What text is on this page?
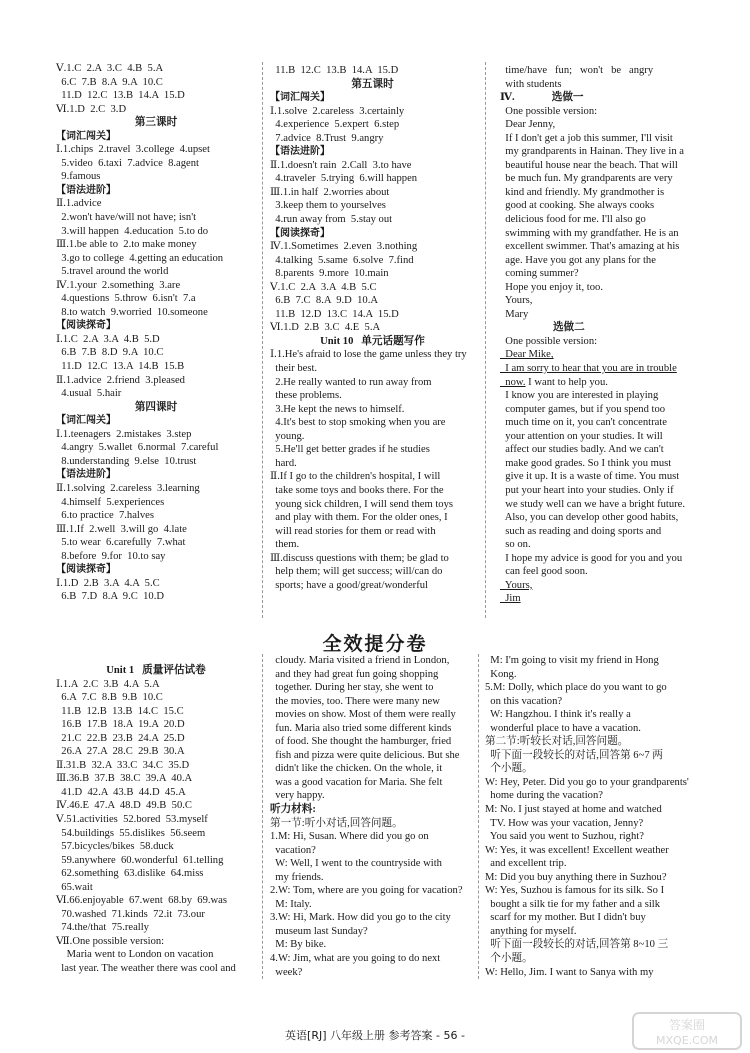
Ⅴ.1.C  2.A  3.C  4.B  5.A
6.C  7.B  8.A  9.A  10.C
11.D  12.C  13.B  14.A  15.D
Ⅵ.1.D  2.C  3.D
第三课时
【词汇闯关】
Ⅰ.1.chips  2.travel  3.college  4.upset
5.video  6.taxi  7.advice  8.agent
9.famous
【语法进阶】
Ⅱ.1.advice
2.won't have/will not have; isn't
3.will happen  4.education  5.to do
Ⅲ.1.be able to  2.to make money
3.go to college  4.getting an education
5.travel around the world
Ⅳ.1.your  2.something  3.are
4.questions  5.throw  6.isn't  7.a
8.to watch  9.worried  10.someone
【阅读探奇】
Ⅰ.1.C  2.A  3.A  4.B  5.D
6.B  7.B  8.D  9.A  10.C
11.D  12.C  13.A  14.B  15.B
Ⅱ.1.advice  2.friend  3.pleased
4.usual  5.hair
第四课时
【词汇闯关】
Ⅰ.1.teenagers  2.mistakes  3.step
4.angry  5.wallet  6.normal  7.careful
8.understanding  9.else  10.trust
【语法进阶】
Ⅱ.1.solving  2.careless  3.learning
4.himself  5.experiences
6.to practice  7.halves
Ⅲ.1.If  2.well  3.will go  4.late
5.to wear  6.carefully  7.what
8.before  9.for  10.to say
【阅读探奇】
Ⅰ.1.D  2.B  3.A  4.A  5.C
6.B  7.D  8.A  9.C  10.D
11.B  12.C  13.B  14.A  15.D
第五课时
【词汇闯关】
Ⅰ.1.solve  2.careless  3.certainly
4.experience  5.expert  6.step
7.advice  8.Trust  9.angry
【语法进阶】
Ⅱ.1.doesn't rain  2.Call  3.to have
4.traveler  5.trying  6.will happen
Ⅲ.1.in half  2.worries about
3.keep them to yourselves
4.run away from  5.stay out
【阅读探奇】
Ⅳ.1.Sometimes  2.even  3.nothing
4.talking  5.same  6.solve  7.find
8.parents  9.more  10.main
Ⅴ.1.C  2.A  3.A  4.B  5.C
6.B  7.C  8.A  9.D  10.A
11.B  12.D  13.C  14.A  15.D
Ⅵ.1.D  2.B  3.C  4.E  5.A
Unit 10   单元话题写作
Ⅰ.1.He's afraid to lose the game unless they try
their best.
2.He really wanted to run away from
these problems.
3.He kept the news to himself.
4.It's best to stop smoking when you are
young.
5.He'll get better grades if he studies
hard.
Ⅱ.If I go to the children's hospital, I will
take some toys and books there. For the
young sick children, I will send them toys
and play with them. For the older ones, I
will read stories for them or read with
them.
Ⅲ.discuss questions with them; be glad to
help them; will get success; will/can do
sports; have a good/great/wonderful
time/have   fun;   won't   be   angry
with students
Ⅳ.              选做一
One possible version:
Dear Jenny,
If I don't get a job this summer, I'll visit
my grandparents in Hainan. They live in a
beautiful house near the beach. That will
be much fun. My grandparents are very
kind and friendly. My grandmother is
good at cooking. She always cooks
delicious food for me. I'll also go
swimming with my grandfather. He is an
excellent swimmer. That's amazing at his
age. Have you got any plans for the
coming summer?
Hope you enjoy it, too.
Yours,
Mary
选做二
One possible version:
Dear Mike,
I am sorry to hear that you are in trouble
now. I want to help you.
I know you are interested in playing
computer games, but if you spend too
much time on it, you can't concentrate
your attention on your studies. It will
affect our studies badly. And we can't
make good grades. So I think you must
give it up. It is a waste of time. You must
put your heart into your studies. Only if
we study well can we have a bright future.
Also, you can develop other good habits,
such as reading and doing sports and
so on.
I hope my advice is good for you and you
can feel good soon.
Yours,
Jim
全效提分卷
Unit 1   质量评估试卷
Ⅰ.1.A  2.C  3.B  4.A  5.A
6.A  7.C  8.B  9.B  10.C
11.B  12.B  13.B  14.C  15.C
16.B  17.B  18.A  19.A  20.D
21.C  22.B  23.B  24.A  25.D
26.A  27.A  28.C  29.B  30.A
Ⅱ.31.B  32.A  33.C  34.C  35.D
Ⅲ.36.B  37.B  38.C  39.A  40.A
41.D  42.A  43.B  44.D  45.A
Ⅳ.46.E  47.A  48.D  49.B  50.C
Ⅴ.51.activities  52.bored  53.myself
54.buildings  55.dislikes  56.seem
57.bicycles/bikes  58.duck
59.anywhere  60.wonderful  61.telling
62.something  63.dislike  64.miss
65.wait
Ⅵ.66.enjoyable  67.went  68.by  69.was
70.washed  71.kinds  72.it  73.our
74.the/that  75.really
Ⅶ.One possible version:
Maria went to London on vacation
last year. The weather there was cool and
cloudy. Maria visited a friend in London,
and they had great fun going shopping
together. During her stay, she went to
the movies, too. There were many new
movies on show. Most of them were really
fun. Maria also tried some different kinds
of food. She thought the hamburger, fried
fish and pizza were quite delicious. But she
didn't like the chicken. On the whole, it
was a good vacation for Maria. She felt
very happy.
听力材料:
第一节:听小对话,回答问题。
1.M: Hi, Susan. Where did you go on
vacation?
W: Well, I went to the countryside with
my friends.
2.W: Tom, where are you going for vacation?
M: Italy.
3.W: Hi, Mark. How did you go to the city
museum last Sunday?
M: By bike.
4.W: Jim, what are you going to do next
week?
M: I'm going to visit my friend in Hong
Kong.
5.M: Dolly, which place do you want to go
on this vacation?
W: Hangzhou. I think it's really a
wonderful place to have a vacation.
第二节:听较长对话,回答问题。
听下面一段较长的对话,回答第 6~7 两
个小题。
W: Hey, Peter. Did you go to your grandparents'
home during the vacation?
M: No. I just stayed at home and watched
TV. How was your vacation, Jenny?
You said you went to Suzhou, right?
W: Yes, it was excellent! Excellent weather
and excellent trip.
M: Did you buy anything there in Suzhou?
W: Yes, Suzhou is famous for its silk. So I
bought a silk tie for my father and a silk
scarf for my mother. But I didn't buy
anything for myself.
听下面一段较长的对话,回答第 8~10 三
个小题。
W: Hello, Jim. I want to Sanya with my
英语[RJ] 八年级上册 参考答案 - 56 -
答案圈
MXQE.COM
